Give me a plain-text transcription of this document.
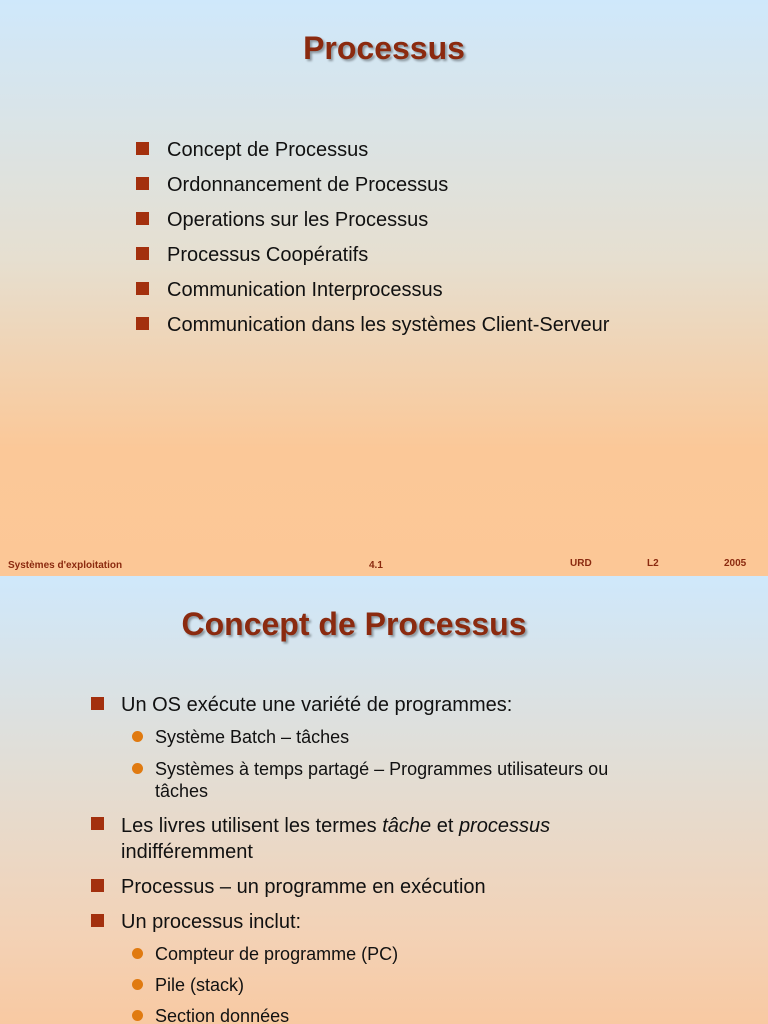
Processus
Concept de Processus
Ordonnancement de Processus
Operations sur les Processus
Processus Coopératifs
Communication Interprocessus
Communication dans les systèmes Client-Serveur
Systèmes d'exploitation	4.1	URD	L2	2005
Concept de Processus
Un OS exécute une variété de programmes:
Système Batch – tâches
Systèmes à temps partagé – Programmes utilisateurs ou tâches
Les livres utilisent les termes tâche et processus indifféremment
Processus – un programme en exécution
Un processus inclut:
Compteur de programme (PC)
Pile (stack)
Section données
